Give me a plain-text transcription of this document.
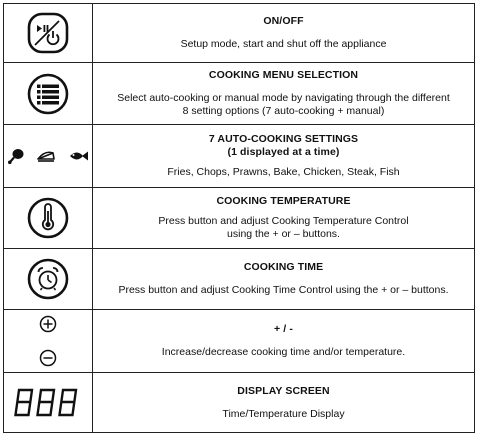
ON/OFF
Setup mode, start and shut off the appliance

COOKING MENU SELECTION
Select auto-cooking or manual mode by navigating through the different
8 setting options (7 auto-cooking + manual)

7 AUTO-COOKING SETTINGS
(1 displayed at a time)
Fries, Chops, Prawns, Bake, Chicken, Steak, Fish

COOKING TEMPERATURE
Press button and adjust Cooking Temperature Control
using the + or – buttons.

COOKING TIME
Press button and adjust Cooking Time Control using the + or – buttons.

+ / -
Increase/decrease cooking time and/or temperature.

DISPLAY SCREEN
Time/Temperature Display
